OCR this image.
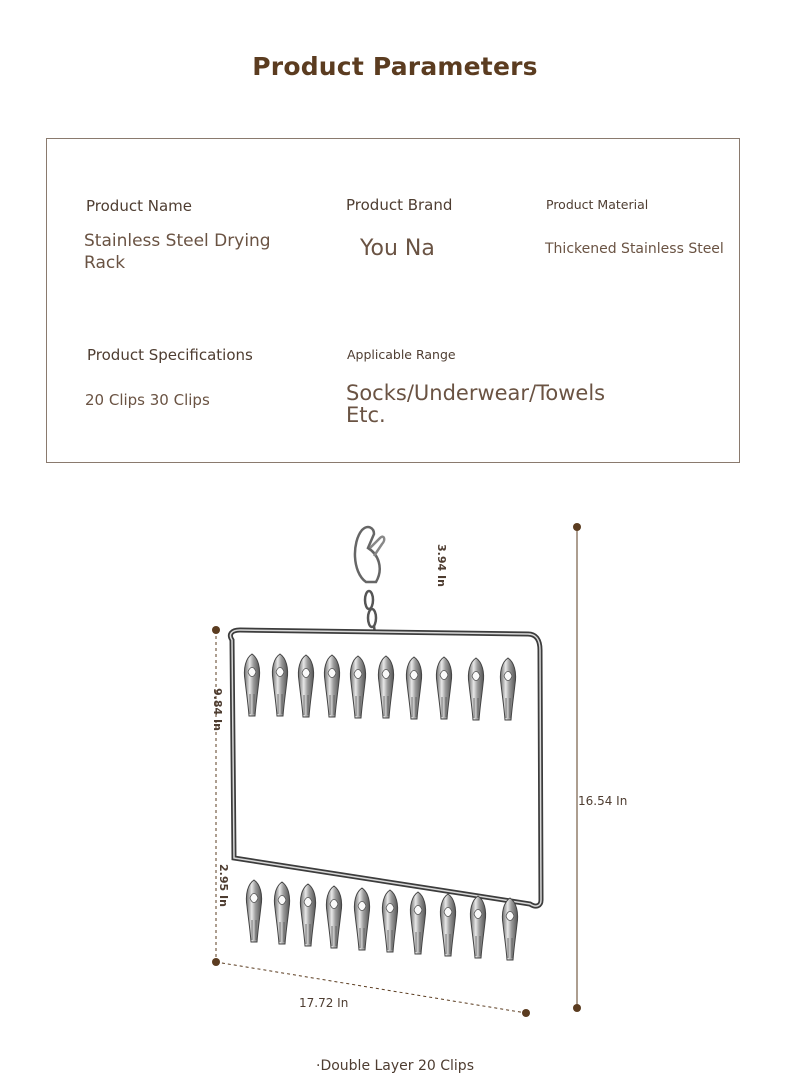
Product Parameters
Product Name
Stainless Steel Drying Rack
Product Brand
You Na
Product Material
Thickened Stainless Steel
Product Specifications
20 Clips 30 Clips
Applicable Range
Socks/Underwear/Towels Etc.
3.94 In
9.84 In
2.95 In
16.54 In
17.72 In
·Double Layer 20 Clips
